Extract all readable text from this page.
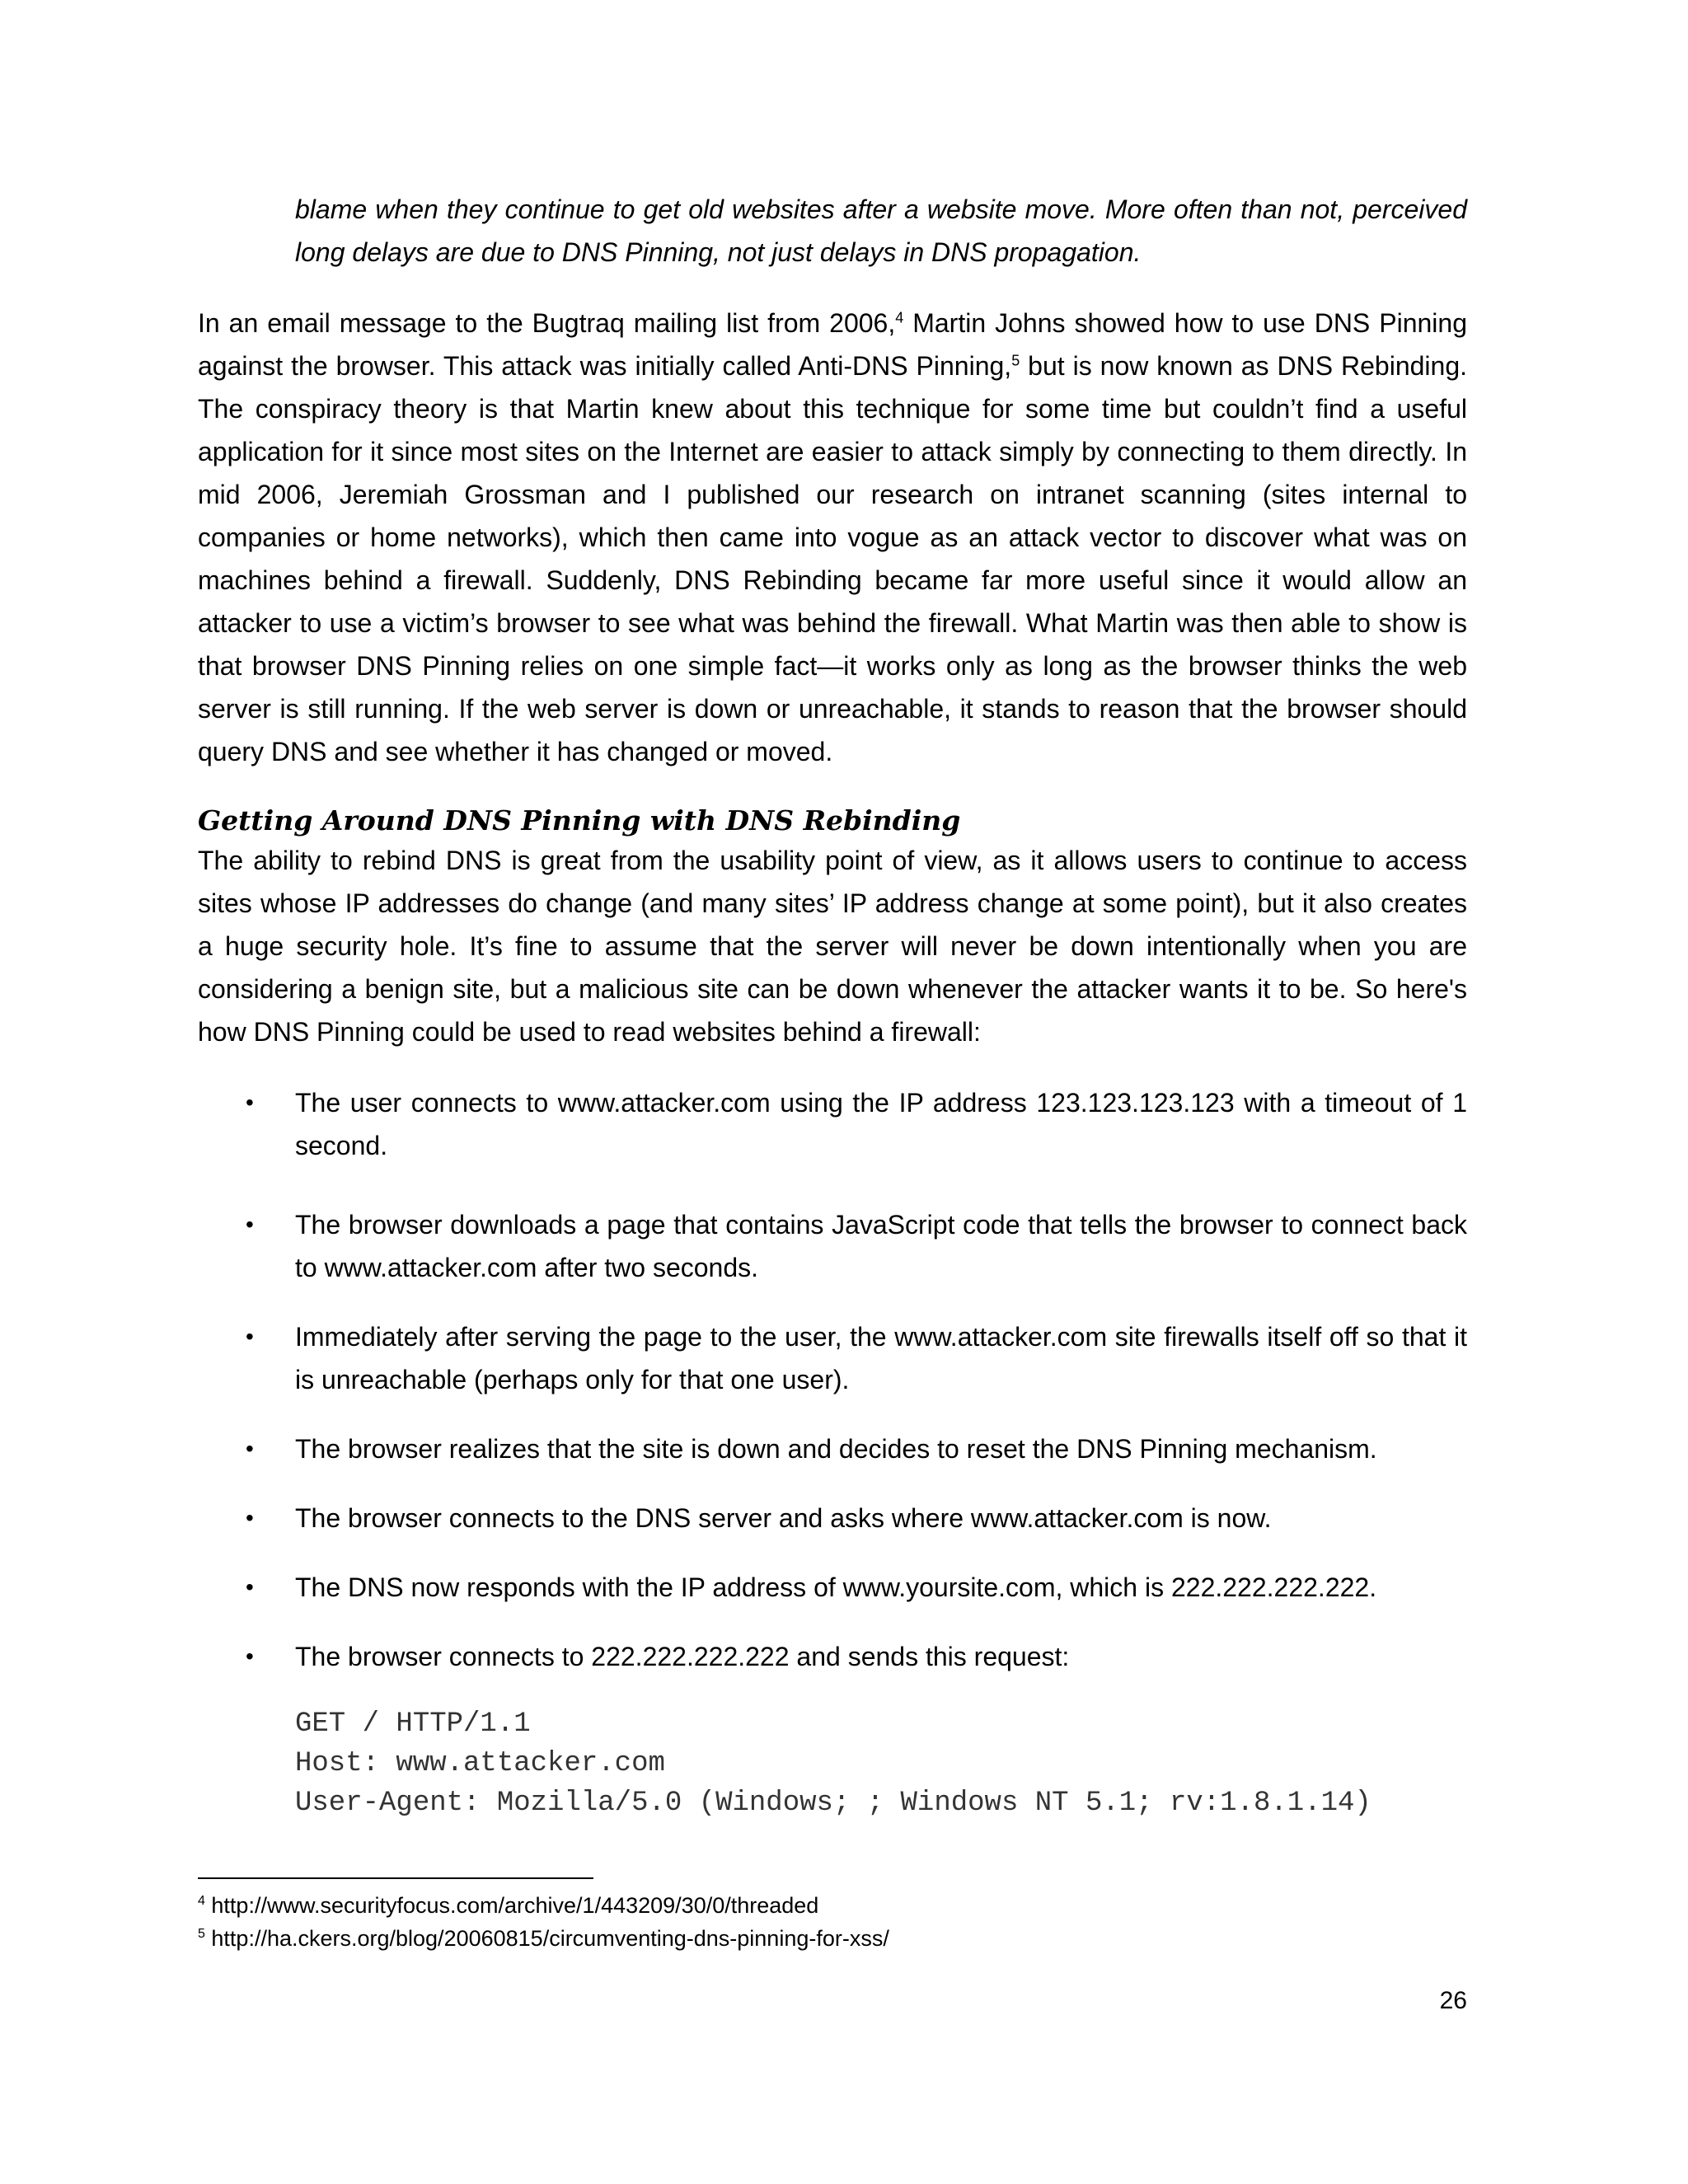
blame when they continue to get old websites after a website move. More often than not, perceived long delays are due to DNS Pinning, not just delays in DNS propagation.

In an email message to the Bugtraq mailing list from 2006,$^4$ Martin Johns showed how to use DNS Pinning against the browser. This attack was initially called Anti-DNS Pinning,$^5$ but is now known as DNS Rebinding. The conspiracy theory is that Martin knew about this technique for some time but couldn’t find a useful application for it since most sites on the Internet are easier to attack simply by connecting to them directly. In mid 2006, Jeremiah Grossman and I published our research on intranet scanning (sites internal to companies or home networks), which then came into vogue as an attack vector to discover what was on machines behind a firewall. Suddenly, DNS Rebinding became far more useful since it would allow an attacker to use a victim’s browser to see what was behind the firewall. What Martin was then able to show is that browser DNS Pinning relies on one simple fact—it works only as long as the browser thinks the web server is still running. If the web server is down or unreachable, it stands to reason that the browser should query DNS and see whether it has changed or moved.

Getting Around DNS Pinning with DNS Rebinding

The ability to rebind DNS is great from the usability point of view, as it allows users to continue to access sites whose IP addresses do change (and many sites’ IP address change at some point), but it also creates a huge security hole. It’s fine to assume that the server will never be down intentionally when you are considering a benign site, but a malicious site can be down whenever the attacker wants it to be. So here's how DNS Pinning could be used to read websites behind a firewall:

• The user connects to www.attacker.com using the IP address 123.123.123.123 with a timeout of 1 second.
• The browser downloads a page that contains JavaScript code that tells the browser to connect back to www.attacker.com after two seconds.
• Immediately after serving the page to the user, the www.attacker.com site firewalls itself off so that it is unreachable (perhaps only for that one user).
• The browser realizes that the site is down and decides to reset the DNS Pinning mechanism.
• The browser connects to the DNS server and asks where www.attacker.com is now.
• The DNS now responds with the IP address of www.yoursite.com, which is 222.222.222.222.
• The browser connects to 222.222.222.222 and sends this request:
GET / HTTP/1.1
Host: www.attacker.com
User-Agent: Mozilla/5.0 (Windows; ; Windows NT 5.1; rv:1.8.1.14)
$^4$ http://www.securityfocus.com/archive/1/443209/30/0/threaded
$^5$ http://ha.ckers.org/blog/20060815/circumventing-dns-pinning-for-xss/
26
